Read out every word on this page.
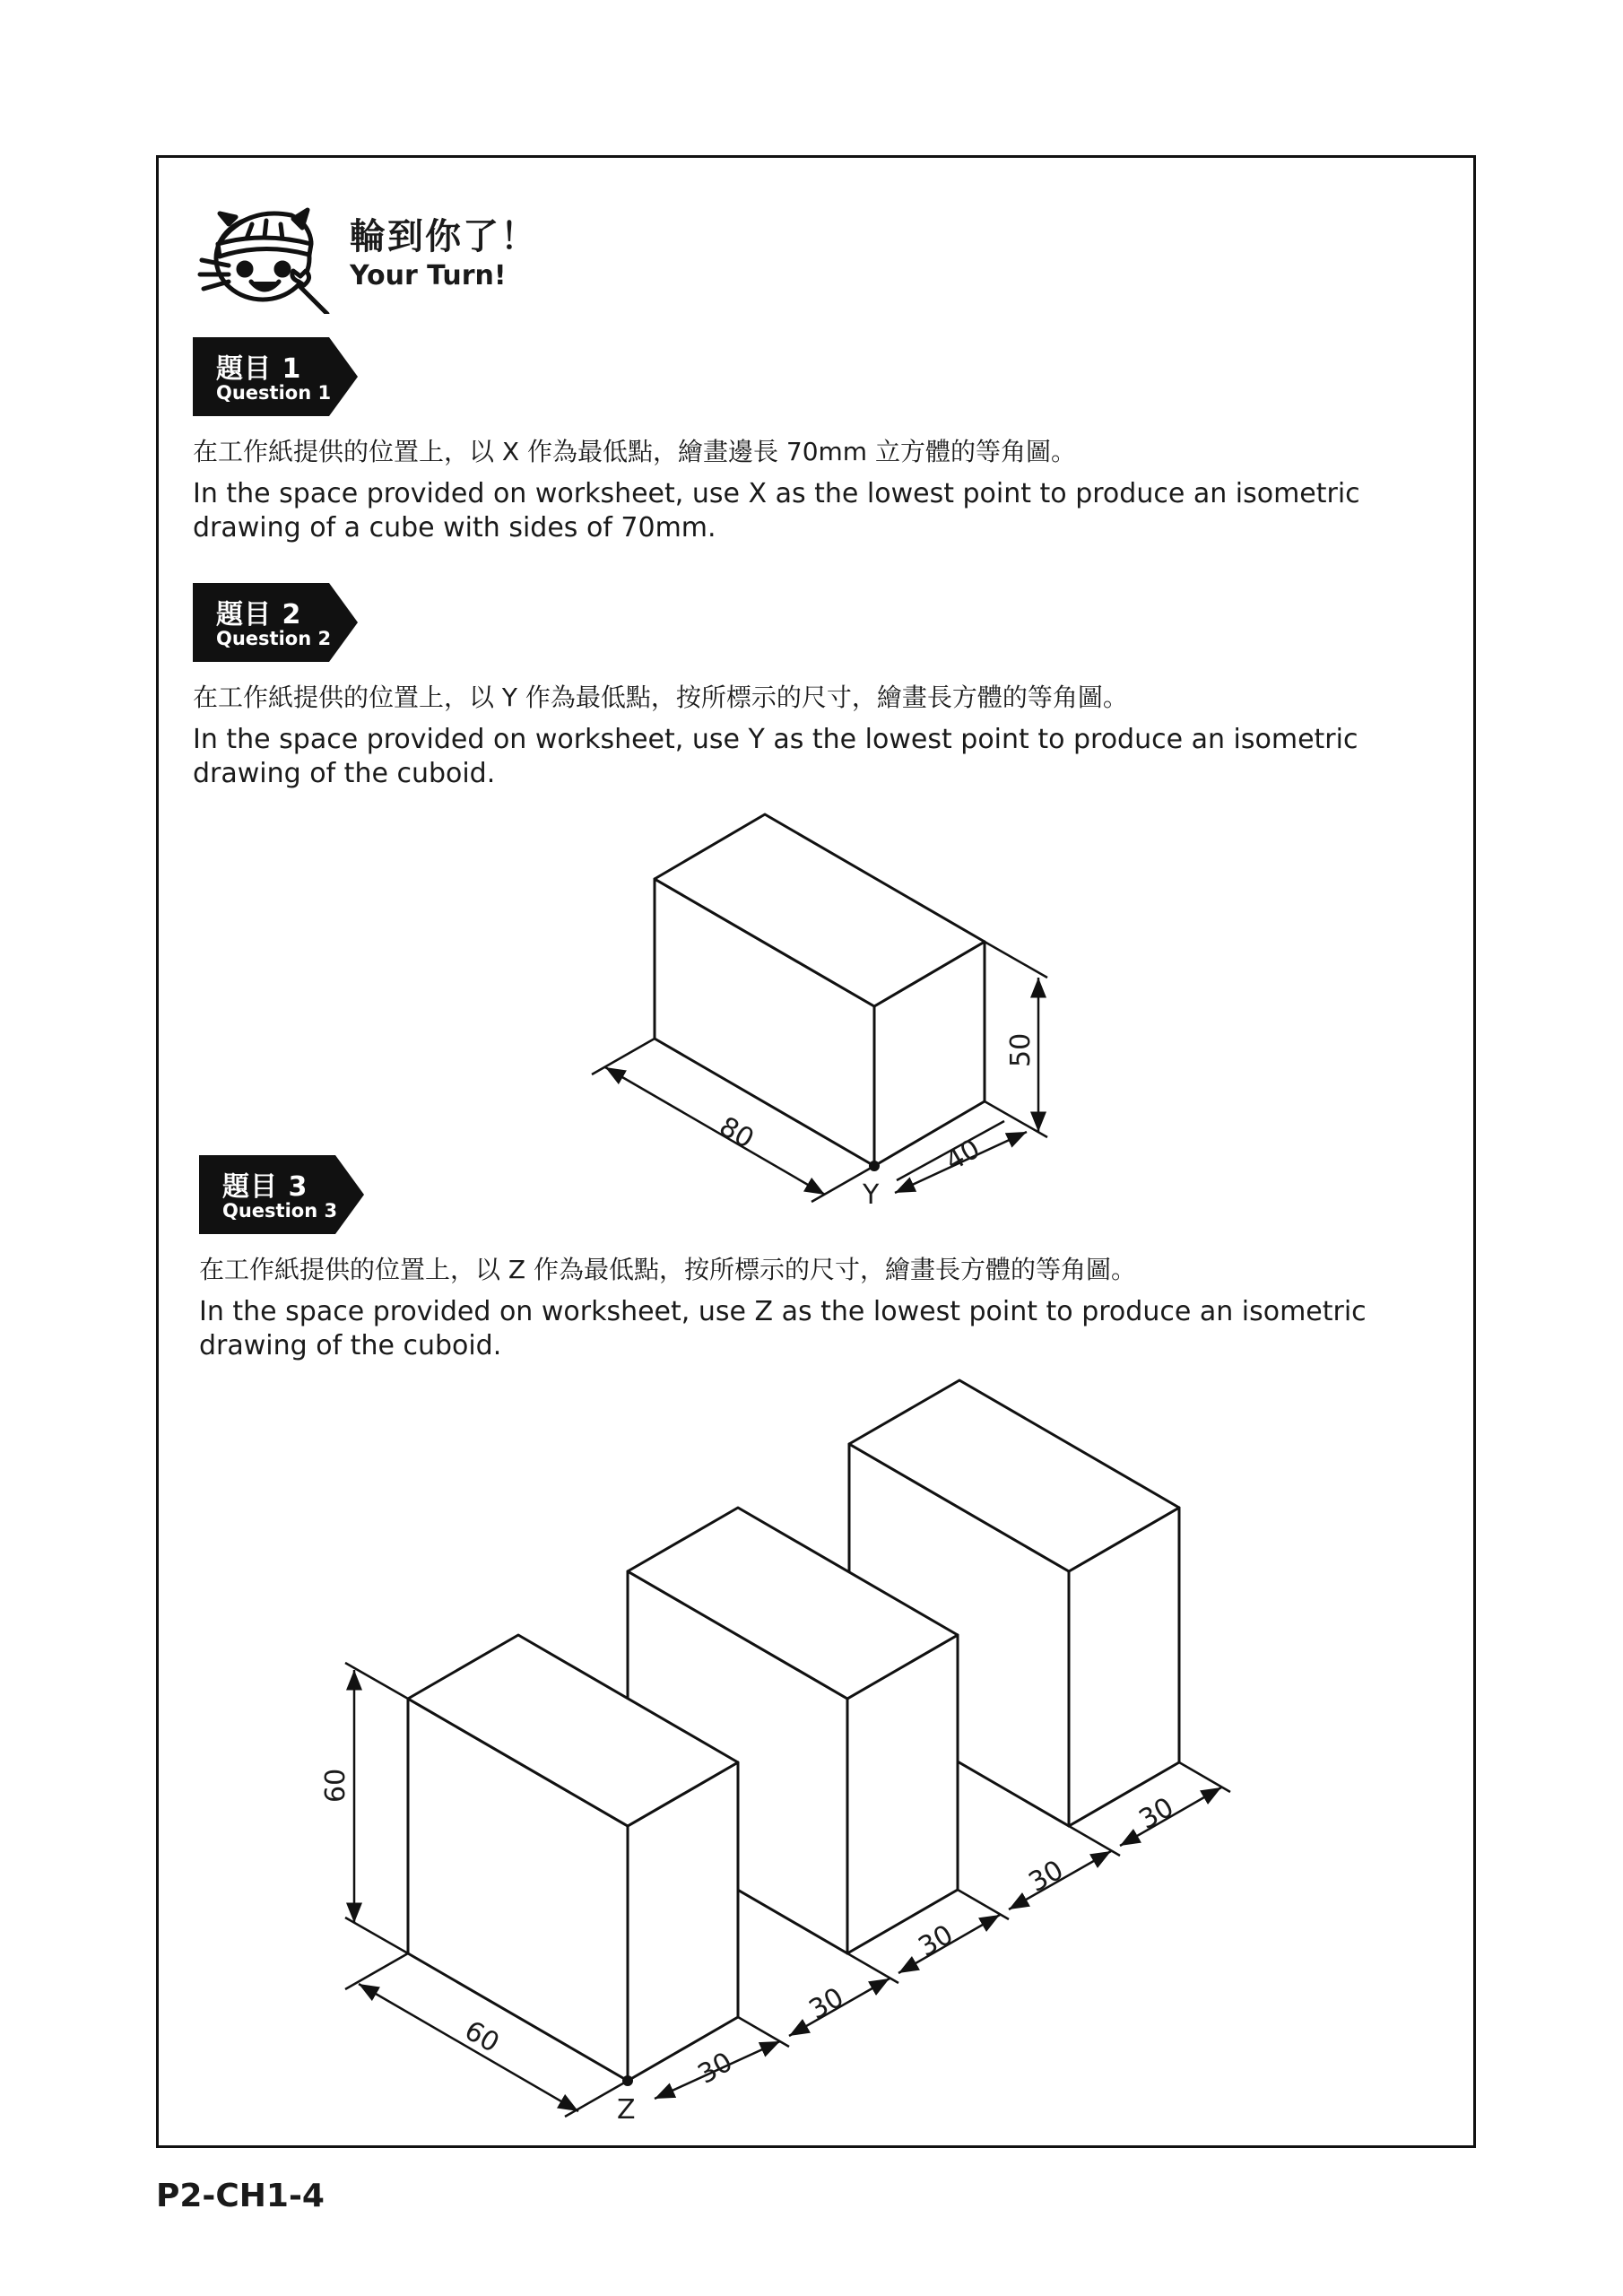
輪到你了！
Your Turn!
題目 1
Question 1
在工作紙提供的位置上，以 X 作為最低點，繪畫邊長 70mm 立方體的等角圖。
In the space provided on worksheet, use X as the lowest point to produce an isometric drawing of a cube with sides of 70mm.
題目 2
Question 2
在工作紙提供的位置上，以 Y 作為最低點，按所標示的尺寸，繪畫長方體的等角圖。
In the space provided on worksheet, use Y as the lowest point to produce an isometric drawing of the cuboid.
題目 3
Question 3
在工作紙提供的位置上，以 Z 作為最低點，按所標示的尺寸，繪畫長方體的等角圖。
In the space provided on worksheet, use Z as the lowest point to produce an isometric drawing of the cuboid.
80
40
50
Y
60
60
30
30
30
30
30
Z
P2-CH1-4
